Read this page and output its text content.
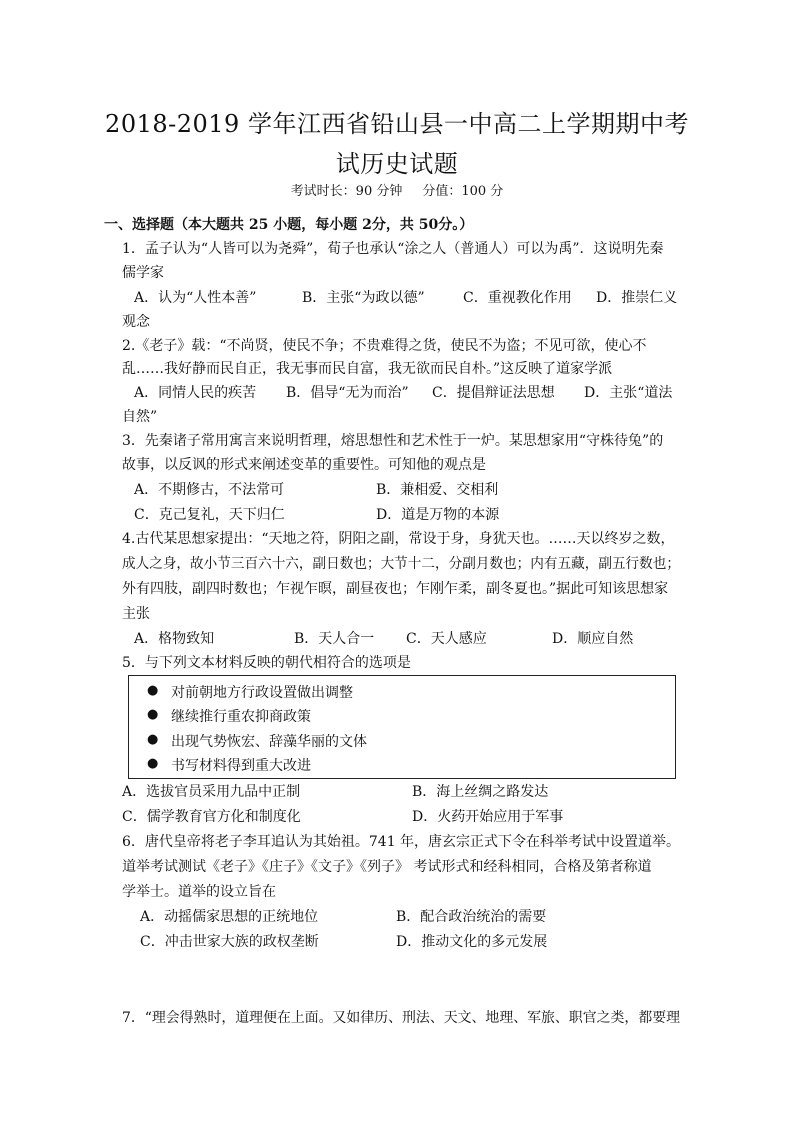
2018-2019 学年江西省铅山县一中高二上学期期中考
试历史试题
考试时长：90 分钟 分值：100 分
一、选择题（本大题共 25 小题，每小题 2分，共 50分。）
1．孟子认为“人皆可以为尧舜”，荀子也承认“涂之人（普通人）可以为禹”．这说明先秦
儒学家
A．认为“人性本善”	B．主张“为政以德”	C．重视教化作用 D．推崇仁义
观念
2.《老子》载：“不尚贤，使民不争；不贵难得之货，使民不为盗；不见可欲，使心不
乱……我好静而民自正，我无事而民自富，我无欲而民自朴。”这反映了道家学派
A．同情人民的疾苦 B．倡导“无为而治” C．提倡辩证法思想 D．主张“道法
自然”
3．先秦诸子常用寓言来说明哲理，熔思想性和艺术性于一炉。某思想家用“守株待兔”的
故事，以反讽的形式来阐述变革的重要性。可知他的观点是
A．不期修古，不法常可	B．兼相爱、交相利
C．克己复礼，天下归仁	D．道是万物的本源
4.古代某思想家提出：“天地之符，阴阳之副，常设于身，身犹天也。……天以终岁之数，
成人之身，故小节三百六十六，副日数也；大节十二，分副月数也；内有五藏，副五行数也；
外有四肢，副四时数也；乍视乍暝，副昼夜也；乍刚乍柔，副冬夏也。”据此可知该思想家
主张
A．格物致知	B．天人合一 C．天人感应	D．顺应自然
5．与下列文本材料反映的朝代相符合的选项是
● 对前朝地方行政设置做出调整
● 继续推行重农抑商政策
● 出现气势恢宏、辞藻华丽的文体
● 书写材料得到重大改进
A．选拔官员采用九品中正制	B．海上丝绸之路发达
C．儒学教育官方化和制度化	D．火药开始应用于军事
6．唐代皇帝将老子李耳追认为其始祖。741 年，唐玄宗正式下令在科举考试中设置道举。
道举考试测试《老子》《庄子》《文子》《列子》 考试形式和经科相同，合格及第者称道
学举士。道举的设立旨在
A．动摇儒家思想的正统地位	B．配合政治统治的需要
C．冲击世家大族的政权垄断	D．推动文化的多元发展
7．“理会得熟时，道理便在上面。又如律历、刑法、天文、地理、军旅、职官之类，都要理
